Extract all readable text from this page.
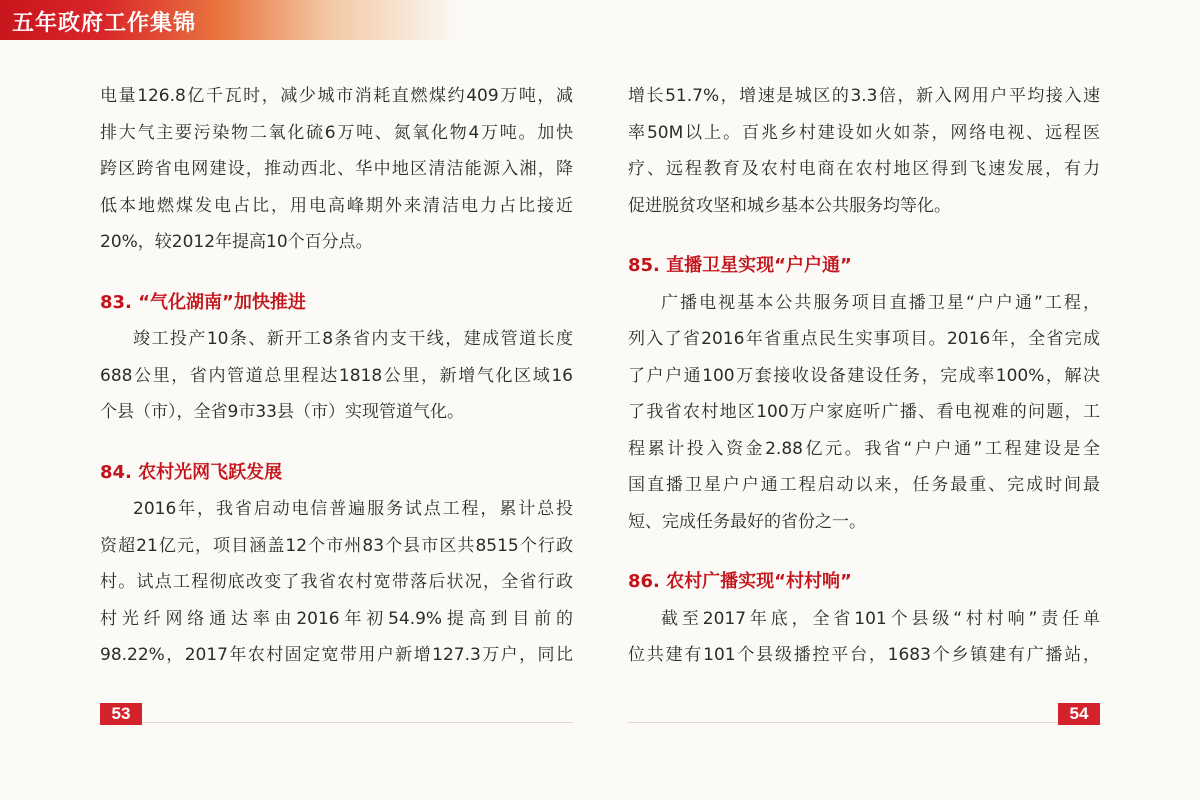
五年政府工作集锦
电量126.8亿千瓦时，减少城市消耗直燃煤约409万吨，减
排大气主要污染物二氧化硫6万吨、氮氧化物4万吨。加快
跨区跨省电网建设，推动西北、华中地区清洁能源入湘，降
低本地燃煤发电占比，用电高峰期外来清洁电力占比接近
20%，较2012年提高10个百分点。
83. “气化湖南”加快推进
竣工投产10条、新开工8条省内支干线，建成管道长度
688公里，省内管道总里程达1818公里，新增气化区域16
个县（市），全省9市33县（市）实现管道气化。
84. 农村光网飞跃发展
2016年，我省启动电信普遍服务试点工程，累计总投
资超21亿元，项目涵盖12个市州83个县市区共8515个行政
村。试点工程彻底改变了我省农村宽带落后状况，全省行政
村光纤网络通达率由2016年初54.9%提高到目前的
98.22%，2017年农村固定宽带用户新增127.3万户，同比
增长51.7%，增速是城区的3.3倍，新入网用户平均接入速
率50M以上。百兆乡村建设如火如荼，网络电视、远程医
疗、远程教育及农村电商在农村地区得到飞速发展，有力
促进脱贫攻坚和城乡基本公共服务均等化。
85. 直播卫星实现“户户通”
广播电视基本公共服务项目直播卫星“户户通”工程，
列入了省2016年省重点民生实事项目。2016年，全省完成
了户户通100万套接收设备建设任务，完成率100%，解决
了我省农村地区100万户家庭听广播、看电视难的问题，工
程累计投入资金2.88亿元。我省“户户通”工程建设是全
国直播卫星户户通工程启动以来，任务最重、完成时间最
短、完成任务最好的省份之一。
86. 农村广播实现“村村响”
截至2017年底，全省101个县级“村村响”责任单
位共建有101个县级播控平台，1683个乡镇建有广播站，
53	54
